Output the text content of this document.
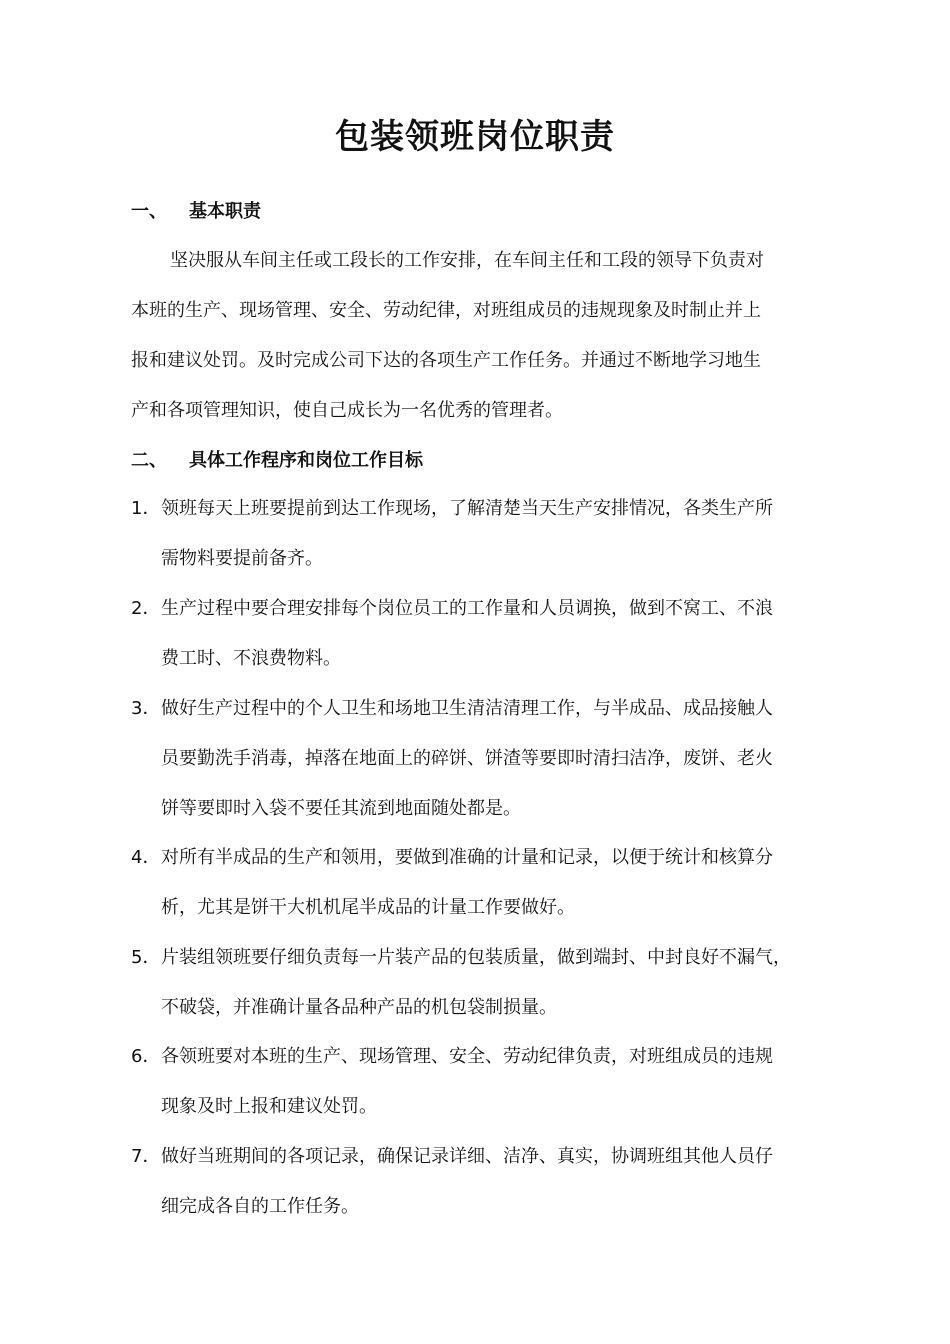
包装领班岗位职责
一、 基本职责
坚决服从车间主任或工段长的工作安排，在车间主任和工段的领导下负责对
本班的生产、现场管理、安全、劳动纪律，对班组成员的违规现象及时制止并上
报和建议处罚。及时完成公司下达的各项生产工作任务。并通过不断地学习地生
产和各项管理知识，使自己成长为一名优秀的管理者。
二、 具体工作程序和岗位工作目标
1． 领班每天上班要提前到达工作现场，了解清楚当天生产安排情况，各类生产所
需物料要提前备齐。
2． 生产过程中要合理安排每个岗位员工的工作量和人员调换，做到不窝工、不浪
费工时、不浪费物料。
3． 做好生产过程中的个人卫生和场地卫生清洁清理工作，与半成品、成品接触人
员要勤洗手消毒，掉落在地面上的碎饼、饼渣等要即时清扫洁净，废饼、老火
饼等要即时入袋不要任其流到地面随处都是。
4． 对所有半成品的生产和领用，要做到准确的计量和记录，以便于统计和核算分
析，尤其是饼干大机机尾半成品的计量工作要做好。
5． 片装组领班要仔细负责每一片装产品的包装质量，做到端封、中封良好不漏气，
不破袋，并准确计量各品种产品的机包袋制损量。
6． 各领班要对本班的生产、现场管理、安全、劳动纪律负责，对班组成员的违规
现象及时上报和建议处罚。
7． 做好当班期间的各项记录，确保记录详细、洁净、真实，协调班组其他人员仔
细完成各自的工作任务。
